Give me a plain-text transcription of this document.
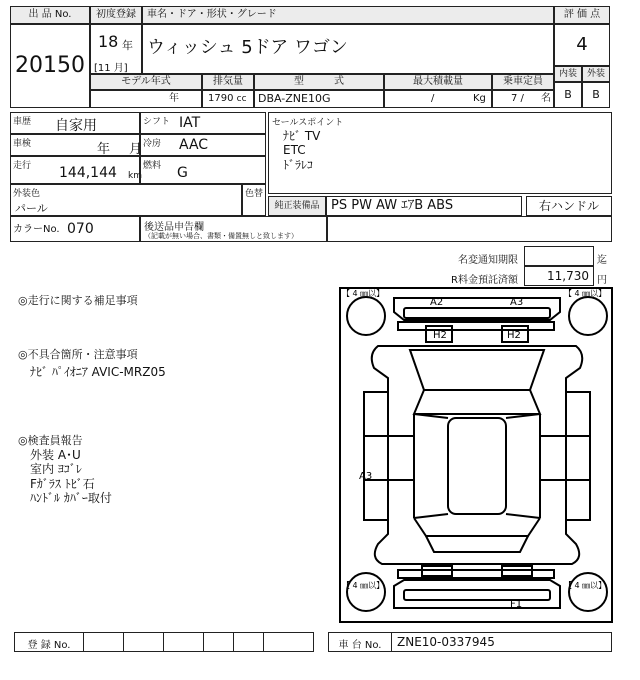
出 品 No.
20150
初度登録
18 年
[11 月]
車名・ドア・形状・グレード
ウィッシュ 5ドア ワゴン
モデル年式
年
排気量
1790 cc
型　　　式
DBA-ZNE10G
最大積載量
/	Kg
乗車定員
7 / 名
評 価 点
4
内装	外装
B	B
車歴 自家用	シフト IAT
車検	年 月 冷房 AAC
走行 144,144 km
燃料 G
外装色
パール
色替
カラーNo. 070	後送品申告欄
（記載が無い場合、書類・備置無しと致します）
セールスポイント
ﾅﾋﾞ TV
ETC
ﾄﾞﾗﾚｺ
純正装備品 PS PW AW ｴｱB ABS	右ハンドル
名変通知期限	迄
R料金預託済額	11,730 円
◎走行に関する補足事項
◎不具合箇所・注意事項
ﾅﾋﾞ ﾊﾟｲｵﾆｱ AVIC-MRZ05
◎検査員報告
外装 A･U
室内 ﾖｺﾞﾚ
Fｶﾞﾗｽ ﾄﾋﾞ石
ﾊﾝﾄﾞﾙ ｶﾊﾞｰ取付
【 4 ㎜以】	【 4 ㎜以】
【 4 ㎜以】	【 4 ㎜以】
A2	A3
H2	H2
A3
F1
登 録 No.	車 台 No.	ZNE10-0337945
